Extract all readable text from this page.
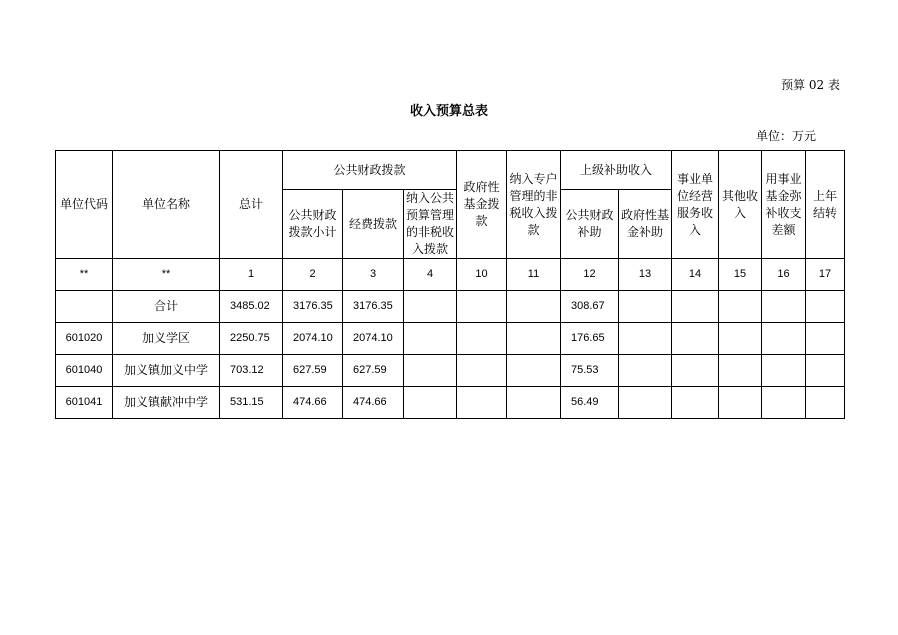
预算 02 表
收入预算总表
单位：万元
单位代码	单位名称	总计	公共财政拨款			政府性基金拨款	纳入专户管理的非税收入拨款	上级补助收入		事业单位经营服务收入	其他收入	用事业基金弥补收支差额	上年结转
			公共财政拨款小计	经费拨款	纳入公共预算管理的非税收入拨款			公共财政补助	政府性基金补助				
**	**	1	2	3	4	10	11	12	13	14	15	16	17
	合计	3485.02	3176.35	3176.35				308.67					
601020	加义学区	2250.75	2074.10	2074.10				176.65					
601040	加义镇加义中学	703.12	627.59	627.59				75.53					
601041	加义镇献冲中学	531.15	474.66	474.66				56.49					
